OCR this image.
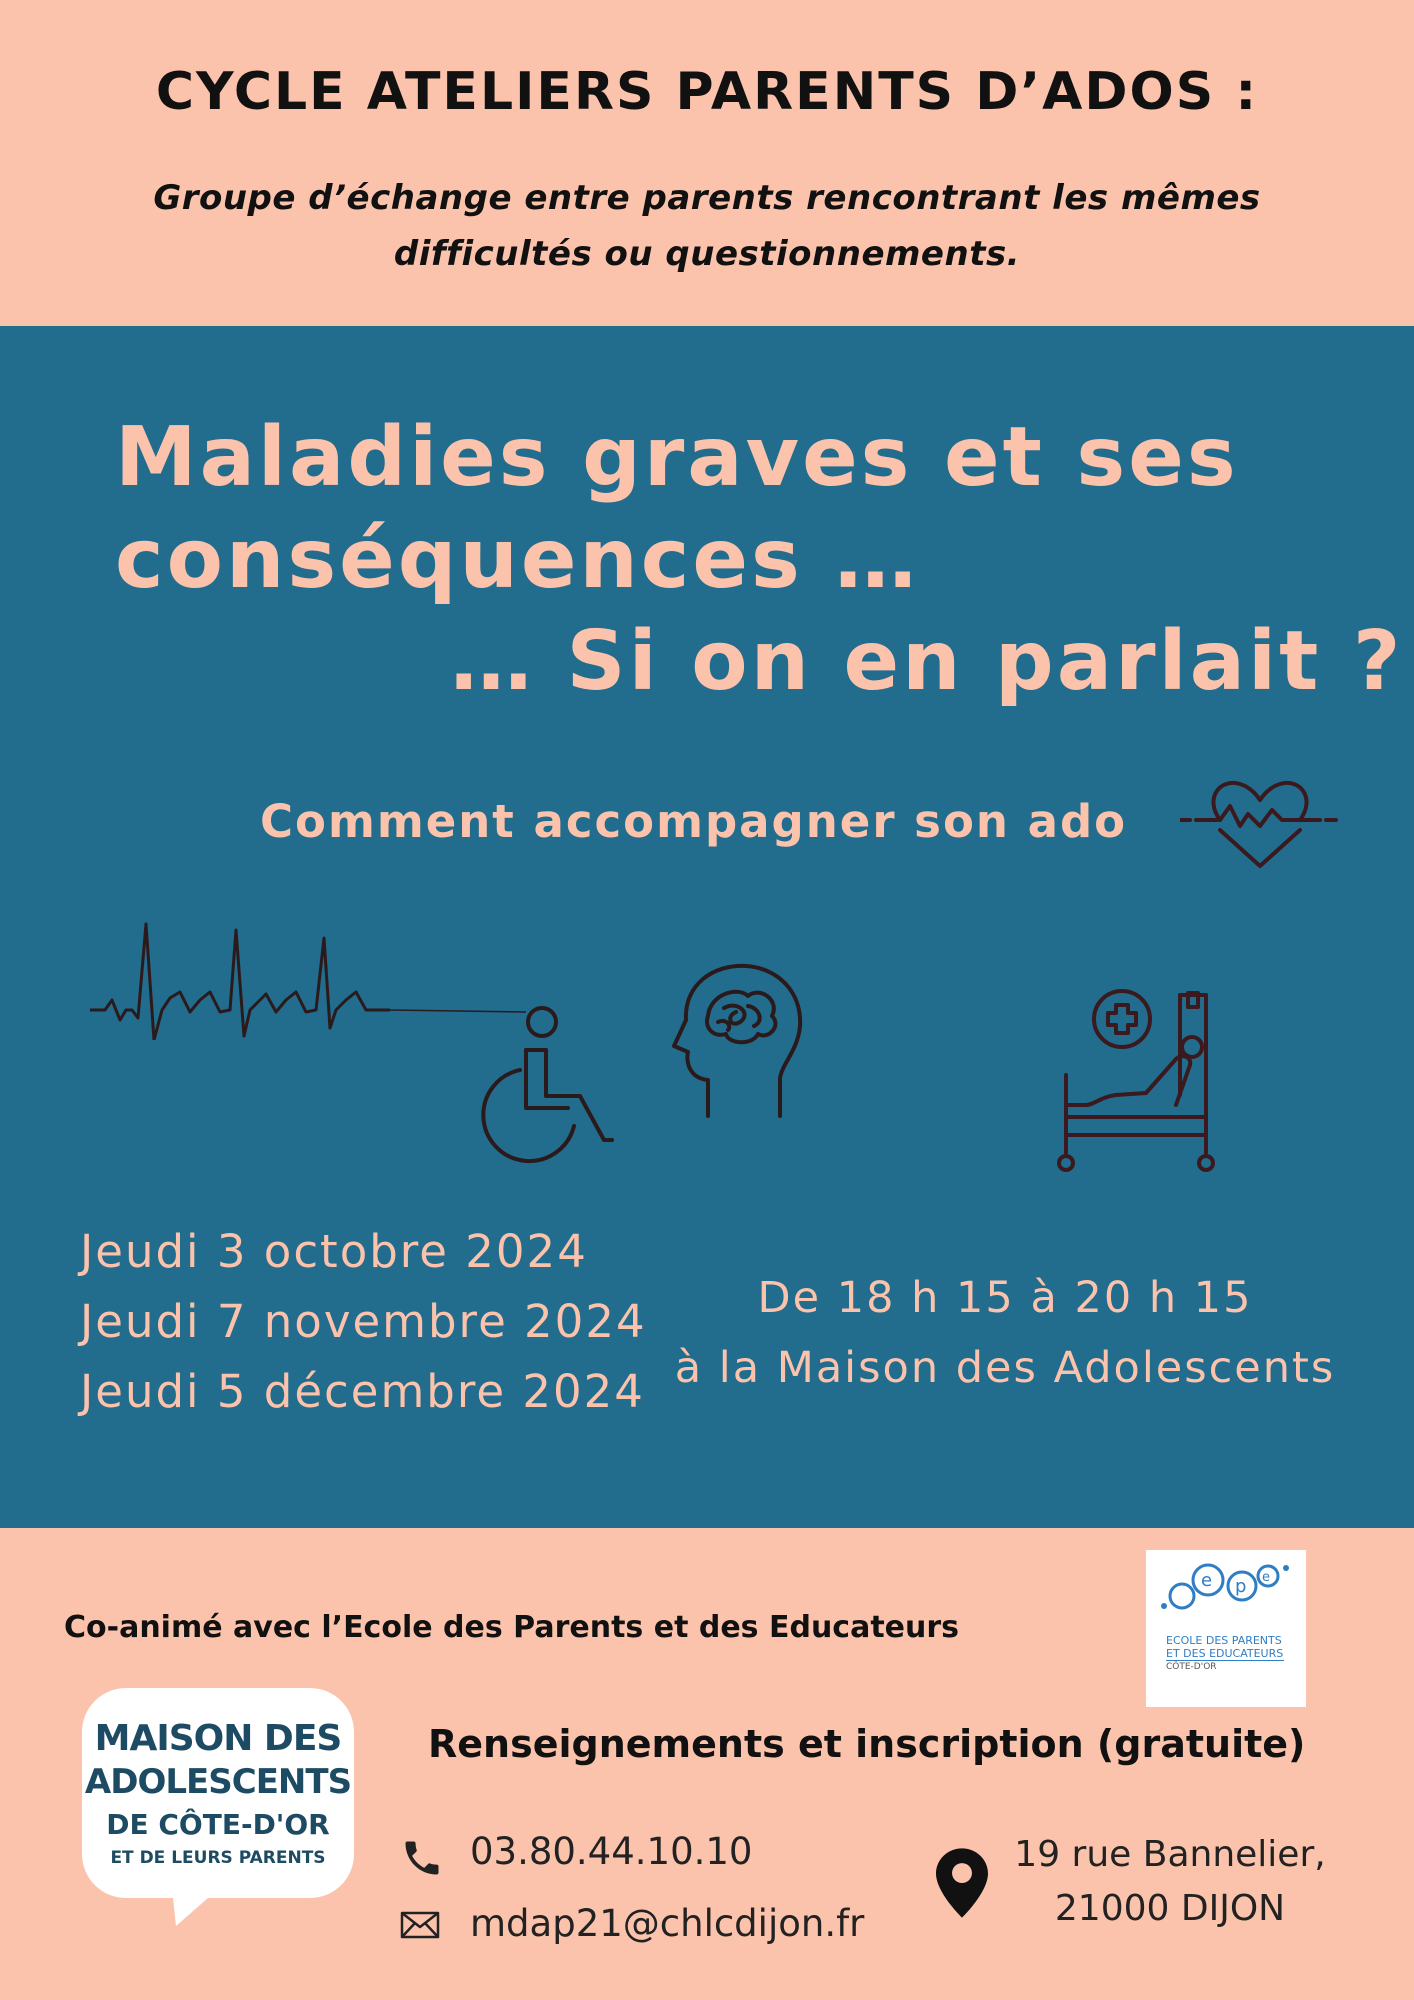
CYCLE ATELIERS PARENTS D’ADOS :
Groupe d’échange entre parents rencontrant les mêmes
difficultés ou questionnements.
Maladies graves et ses
conséquences …
… Si on en parlait ?
Comment accompagner son ado
Jeudi 3 octobre 2024
Jeudi 7 novembre 2024
Jeudi 5 décembre 2024
De 18 h 15 à 20 h 15
à la Maison des Adolescents
Co-animé avec l’Ecole des Parents et des Educateurs
e p e
ECOLE DES PARENTS
ET DES EDUCATEURS
CÔTE-D'OR
MAISON DES
ADOLESCENTS
DE CÔTE-D'OR
ET DE LEURS PARENTS
Renseignements et inscription (gratuite)
03.80.44.10.10
mdap21@chlcdijon.fr
19 rue Bannelier,
21000 DIJON
